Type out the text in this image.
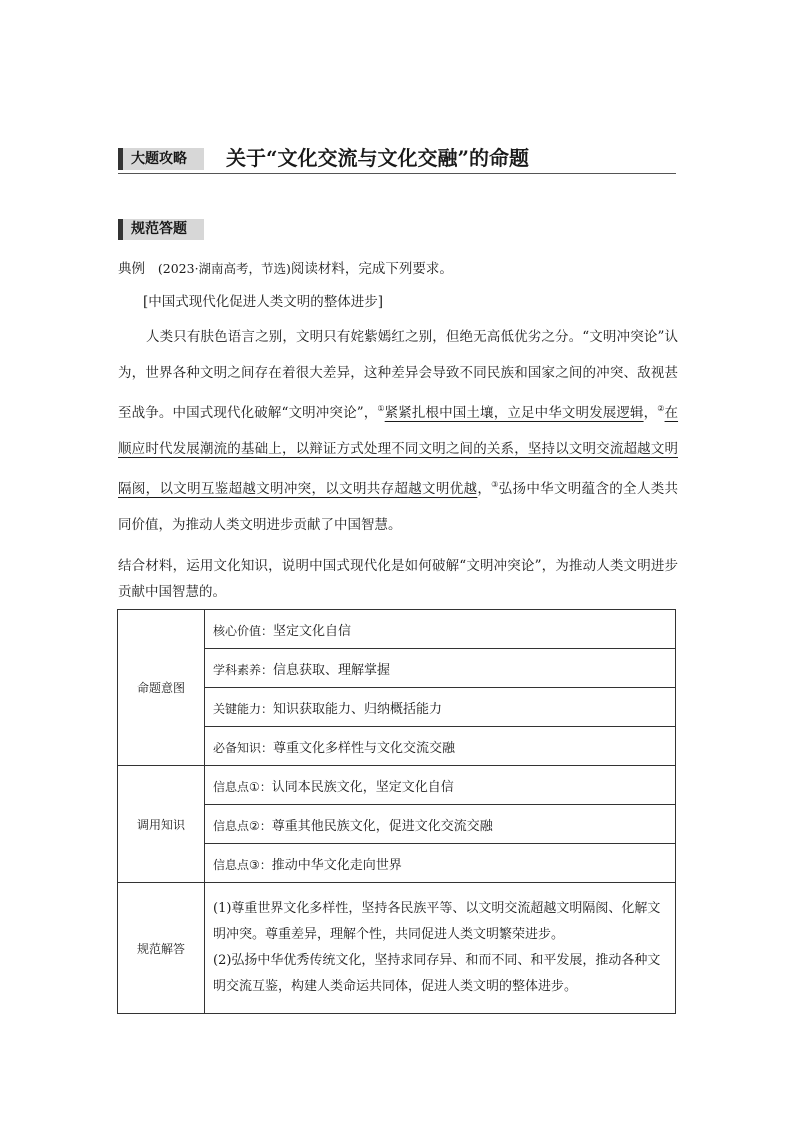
大题攻略	关于“文化交流与文化交融”的命题
规范答题
典例 (2023·湖南高考，节选)阅读材料，完成下列要求。
[中国式现代化促进人类文明的整体进步]
人类只有肤色语言之别，文明只有姹紫嫣红之别，但绝无高低优劣之分。“文明冲突论”认为，世界各种文明之间存在着很大差异，这种差异会导致不同民族和国家之间的冲突、敌视甚至战争。中国式现代化破解“文明冲突论”，①紧紧扎根中国土壤，立足中华文明发展逻辑，②在顺应时代发展潮流的基础上，以辩证方式处理不同文明之间的关系，坚持以文明交流超越文明隔阂，以文明互鉴超越文明冲突，以文明共存超越文明优越，③弘扬中华文明蕴含的全人类共同价值，为推动人类文明进步贡献了中国智慧。
结合材料，运用文化知识，说明中国式现代化是如何破解“文明冲突论”，为推动人类文明进步贡献中国智慧的。
命题意图	核心价值：坚定文化自信
	学科素养：信息获取、理解掌握
	关键能力：知识获取能力、归纳概括能力
	必备知识：尊重文化多样性与文化交流交融
调用知识	信息点①：认同本民族文化，坚定文化自信
	信息点②：尊重其他民族文化，促进文化交流交融
	信息点③：推动中华文化走向世界
规范解答	(1)尊重世界文化多样性，坚持各民族平等、以文明交流超越文明隔阂、化解文明冲突。尊重差异，理解个性，共同促进人类文明繁荣进步。
(2)弘扬中华优秀传统文化，坚持求同存异、和而不同、和平发展，推动各种文明交流互鉴，构建人类命运共同体，促进人类文明的整体进步。
